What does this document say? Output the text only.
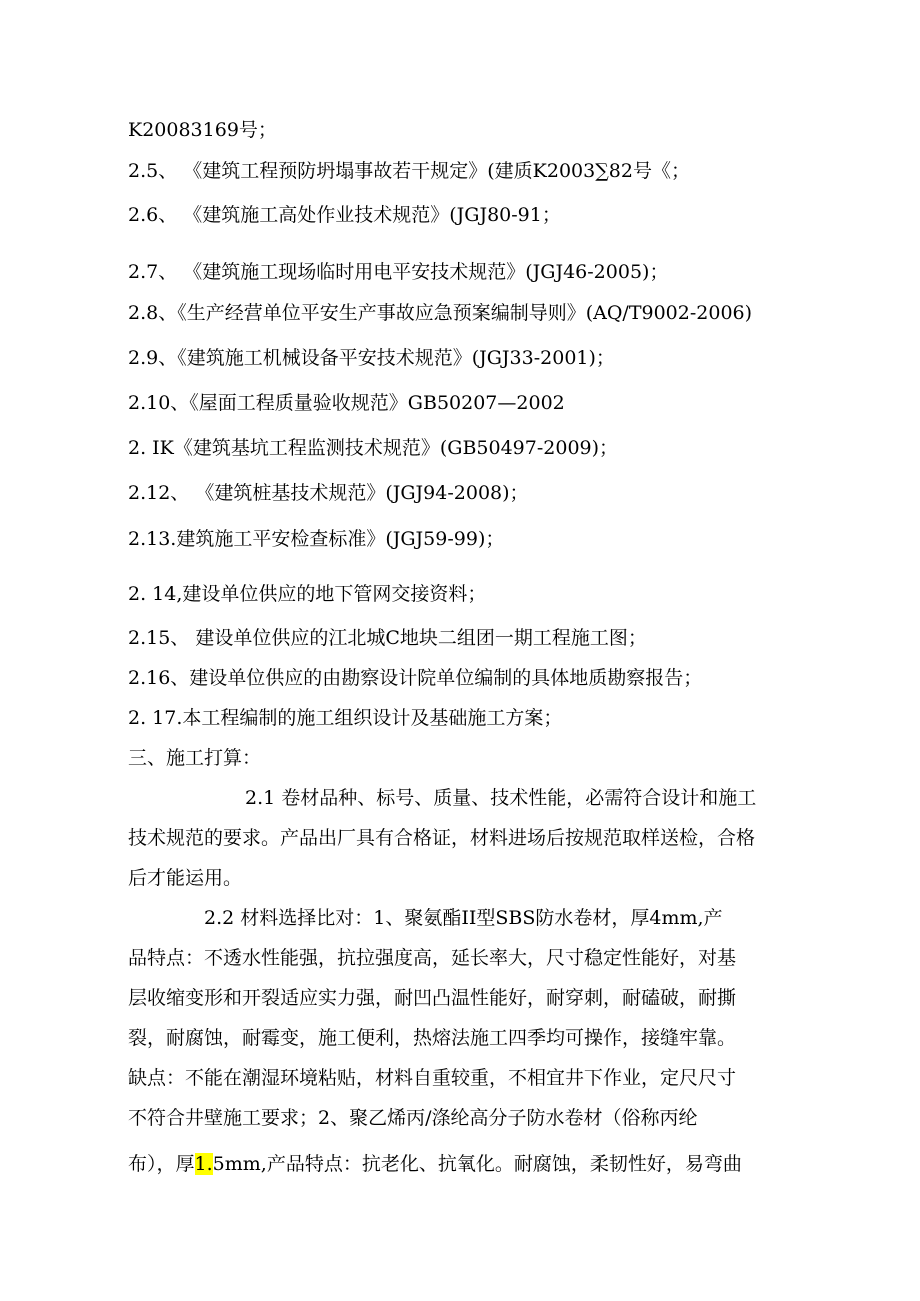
K20083169号；
2.5、 《建筑工程预防坍塌事故若干规定》(建质K2003∑82号《；
2.6、 《建筑施工高处作业技术规范》(JGJ80-91；
2.7、 《建筑施工现场临时用电平安技术规范》(JGJ46-2005)；
2.8、《生产经营单位平安生产事故应急预案编制导则》(AQ/T9002-2006)
2.9、《建筑施工机械设备平安技术规范》(JGJ33-2001)；
2.10、《屋面工程质量验收规范》GB50207—2002
2. IK《建筑基坑工程监测技术规范》(GB50497-2009)；
2.12、 《建筑桩基技术规范》(JGJ94-2008)；
2.13.建筑施工平安检查标准》(JGJ59-99)；
2. 14,建设单位供应的地下管网交接资料；
2.15、 建设单位供应的江北城C地块二组团一期工程施工图；
2.16、建设单位供应的由勘察设计院单位编制的具体地质勘察报告；
2. 17.本工程编制的施工组织设计及基础施工方案；
三、施工打算：
2.1 卷材品种、标号、质量、技术性能，必需符合设计和施工
技术规范的要求。产品出厂具有合格证，材料进场后按规范取样送检，合格
后才能运用。
2.2 材料选择比对：1、聚氨酯II型SBS防水卷材，厚4mm,产
品特点：不透水性能强，抗拉强度高，延长率大，尺寸稳定性能好，对基
层收缩变形和开裂适应实力强，耐凹凸温性能好，耐穿刺，耐磕破，耐撕
裂，耐腐蚀，耐霉变，施工便利，热熔法施工四季均可操作，接缝牢靠。
缺点：不能在潮湿环境粘贴，材料自重较重，不相宜井下作业，定尺尺寸
不符合井壁施工要求；2、聚乙烯丙/涤纶高分子防水卷材（俗称丙纶
布），厚1.5mm,产品特点：抗老化、抗氧化。耐腐蚀，柔韧性好，易弯曲
